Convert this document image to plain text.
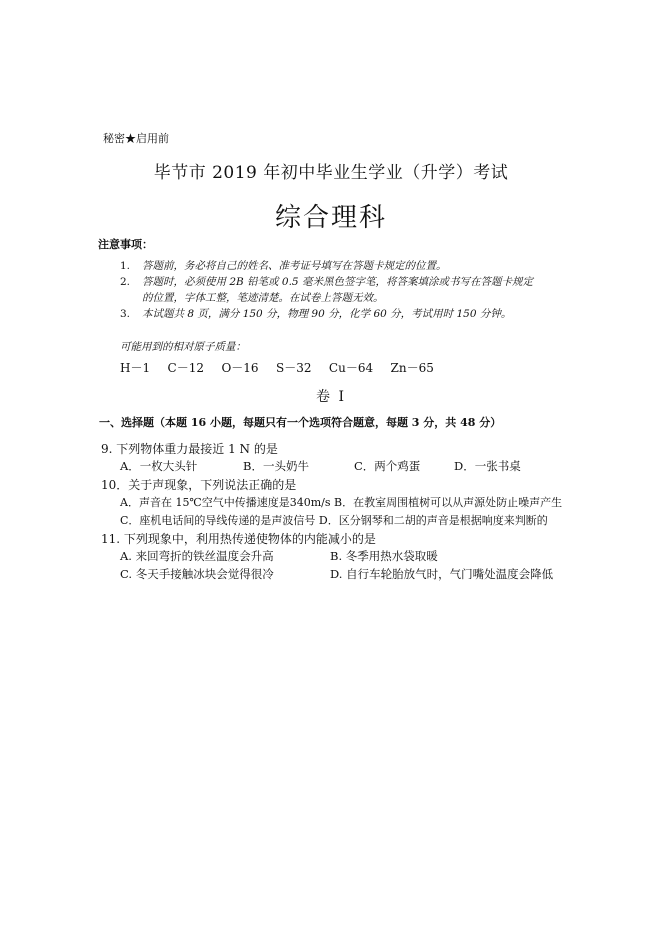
秘密★启用前
毕节市 2019 年初中毕业生学业（升学）考试
综合理科
注意事项：
1. 答题前，务必将自己的姓名、准考证号填写在答题卡规定的位置。
2. 答题时，必须使用 2B 铅笔或 0.5 毫米黑色签字笔，将答案填涂或书写在答题卡规定
的位置，字体工整，笔迹清楚。在试卷上答题无效。
3. 本试题共 8 页，满分 150 分，物理 90 分，化学 60 分，考试用时 150 分钟。
可能用到的相对原子质量：
H－1   C－12   O－16   S－32   Cu－64   Zn－65
卷 Ⅰ
一、选择题（本题 16 小题，每题只有一个选项符合题意，每题 3 分，共 48 分）
9. 下列物体重力最接近 1 N 的是
A．一枚大头针	B．一头奶牛	C．两个鸡蛋	D．一张书桌
10．关于声现象，下列说法正确的是
A．声音在 15℃空气中传播速度是340m/s B．在教室周围植树可以从声源处防止噪声产生
C．座机电话间的导线传递的是声波信号 D．区分钢琴和二胡的声音是根据响度来判断的
11. 下列现象中，利用热传递使物体的内能减小的是
A. 来回弯折的铁丝温度会升高	B. 冬季用热水袋取暖
C. 冬天手接触冰块会觉得很冷	D. 自行车轮胎放气时，气门嘴处温度会降低
